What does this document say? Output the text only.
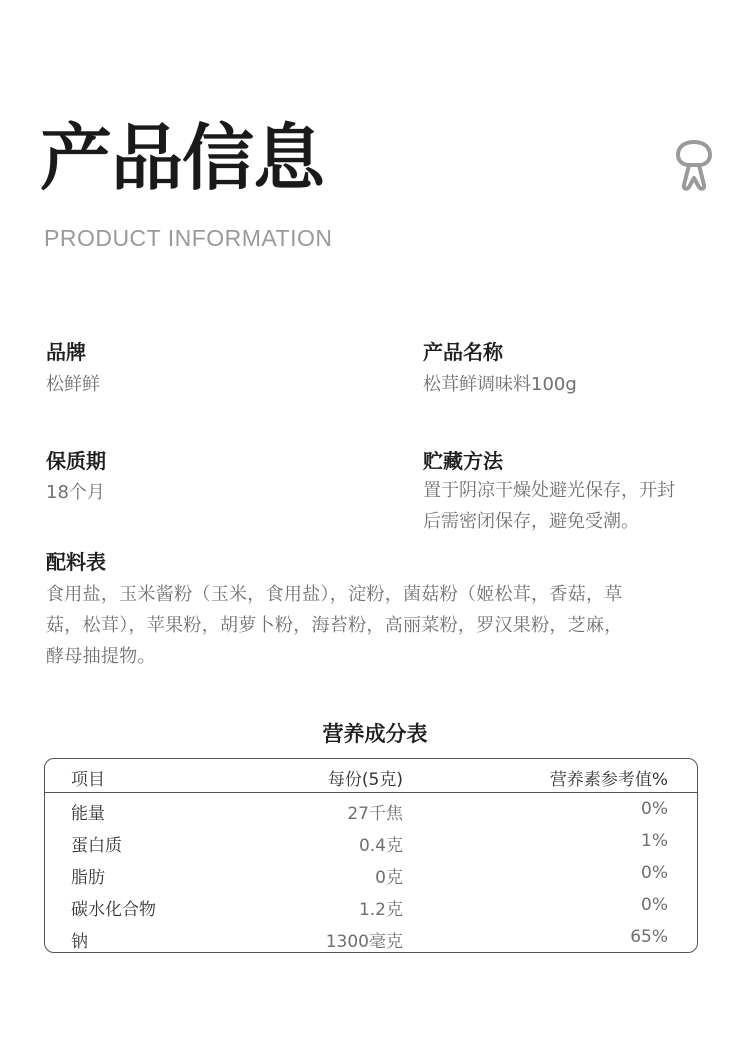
产品信息
PRODUCT INFORMATION
品牌
松鲜鲜
产品名称
松茸鲜调味料100g
保质期
18个月
贮藏方法
置于阴凉干燥处避光保存，开封
后需密闭保存，避免受潮。
配料表
食用盐，玉米酱粉（玉米，食用盐），淀粉，菌菇粉（姬松茸，香菇，草
菇，松茸），苹果粉，胡萝卜粉，海苔粉，高丽菜粉，罗汉果粉，芝麻，
酵母抽提物。
营养成分表
项目	每份(5克)	营养素参考值%
能量	27千焦	0%
蛋白质	0.4克	1%
脂肪	0克	0%
碳水化合物	1.2克	0%
钠	1300毫克	65%
